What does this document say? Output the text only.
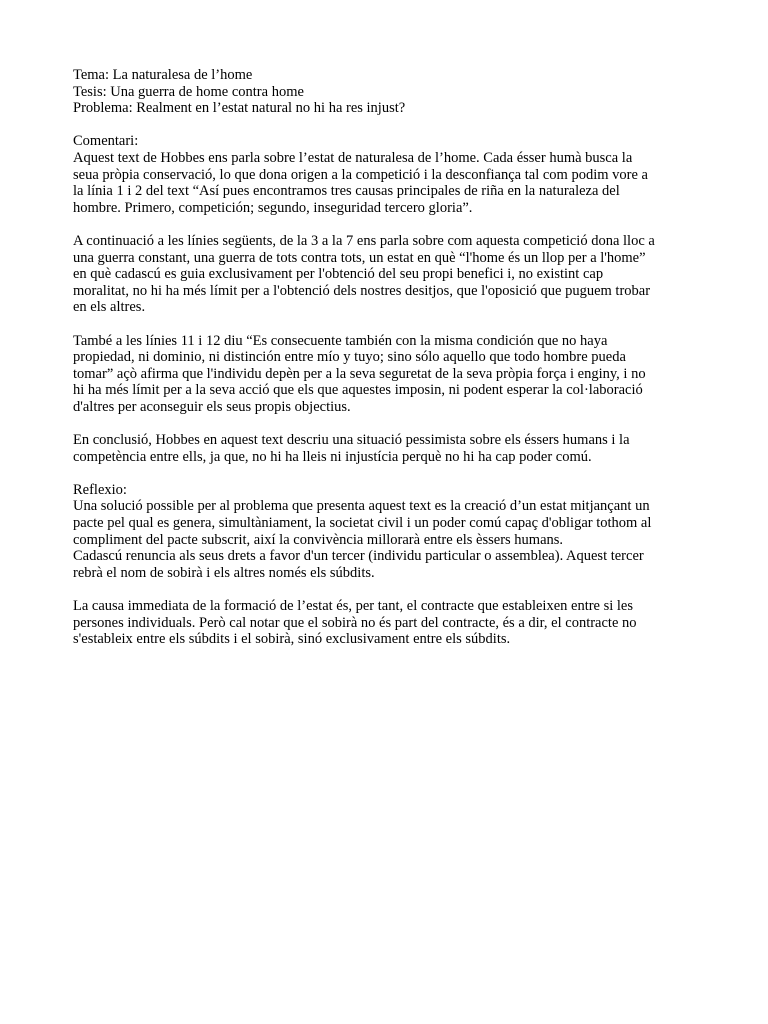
Tema: La naturalesa de l’home
Tesis: Una guerra de home contra home
Problema: Realment en l’estat natural no hi ha res injust?
Comentari:
Aquest text de Hobbes ens parla sobre l’estat de naturalesa de l’home. Cada ésser humà busca la
seua pròpia conservació, lo que dona origen a la competició i la desconfiança tal com podim vore a
la línia 1 i 2 del text “Así pues encontramos tres causas principales de riña en la naturaleza del
hombre. Primero, competición; segundo, inseguridad tercero gloria”.
A continuació a les línies següents, de la 3 a la 7 ens parla sobre com aquesta competició dona lloc a
una guerra constant, una guerra de tots contra tots, un estat en què “l'home és un llop per a l'home”
en què cadascú es guia exclusivament per l'obtenció del seu propi benefici i, no existint cap
moralitat, no hi ha més límit per a l'obtenció dels nostres desitjos, que l'oposició que puguem trobar
en els altres.
També a les línies 11 i 12 diu “Es consecuente también con la misma condición que no haya
propiedad, ni dominio, ni distinción entre mío y tuyo; sino sólo aquello que todo hombre pueda
tomar” açò afirma que l'individu depèn per a la seva seguretat de la seva pròpia força i enginy, i no
hi ha més límit per a la seva acció que els que aquestes imposin, ni podent esperar la col·laboració
d'altres per aconseguir els seus propis objectius.
En conclusió, Hobbes en aquest text descriu una situació pessimista sobre els éssers humans i la
competència entre ells, ja que, no hi ha lleis ni injustícia perquè no hi ha cap poder comú.
Reflexio:
Una solució possible per al problema que presenta aquest text es la creació d’un estat mitjançant un
pacte pel qual es genera, simultàniament, la societat civil i un poder comú capaç d'obligar tothom al
compliment del pacte subscrit, així la convivència millorarà entre els èssers humans.
Cadascú renuncia als seus drets a favor d'un tercer (individu particular o assemblea). Aquest tercer
rebrà el nom de sobirà i els altres només els súbdits.
La causa immediata de la formació de l’estat és, per tant, el contracte que estableixen entre si les
persones individuals. Però cal notar que el sobirà no és part del contracte, és a dir, el contracte no
s'estableix entre els súbdits i el sobirà, sinó exclusivament entre els súbdits.
